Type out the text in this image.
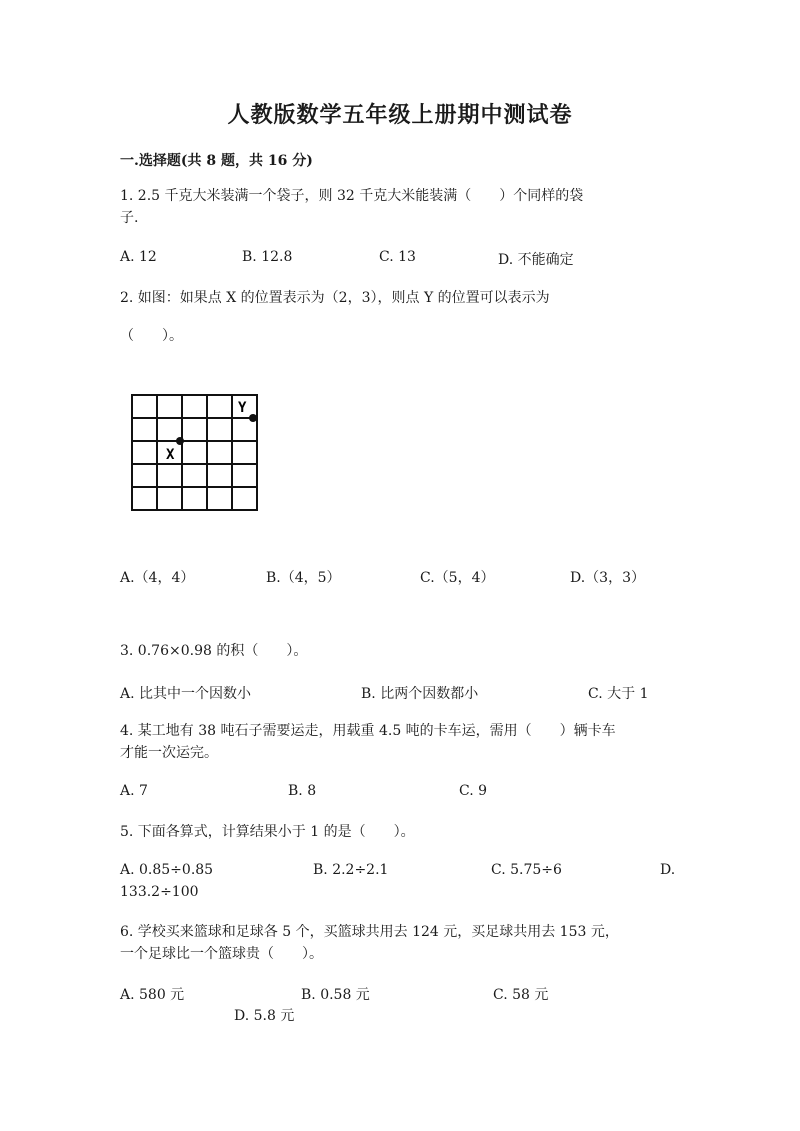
人教版数学五年级上册期中测试卷
一.选择题(共 8 题，共 16 分)
1. 2.5 千克大米装满一个袋子，则 32 千克大米能装满（　　）个同样的袋
子.
A. 12	B. 12.8	C. 13	D. 不能确定
2. 如图：如果点 X 的位置表示为（2，3），则点 Y 的位置可以表示为
（　　）。
X
Y
A.（4，4）	B.（4，5）	C.（5，4）	D.（3，3）
3. 0.76×0.98 的积（　　）。
A. 比其中一个因数小	B. 比两个因数都小	C. 大于 1
4. 某工地有 38 吨石子需要运走，用载重 4.5 吨的卡车运，需用（　　）辆卡车
才能一次运完。
A. 7	B. 8	C. 9
5. 下面各算式，计算结果小于 1 的是（　　）。
A. 0.85÷0.85	B. 2.2÷2.1	C. 5.75÷6	D.
133.2÷100
6. 学校买来篮球和足球各 5 个，买篮球共用去 124 元，买足球共用去 153 元，
一个足球比一个篮球贵（　　）。
A. 580 元	B. 0.58 元	C. 58 元
D. 5.8 元
